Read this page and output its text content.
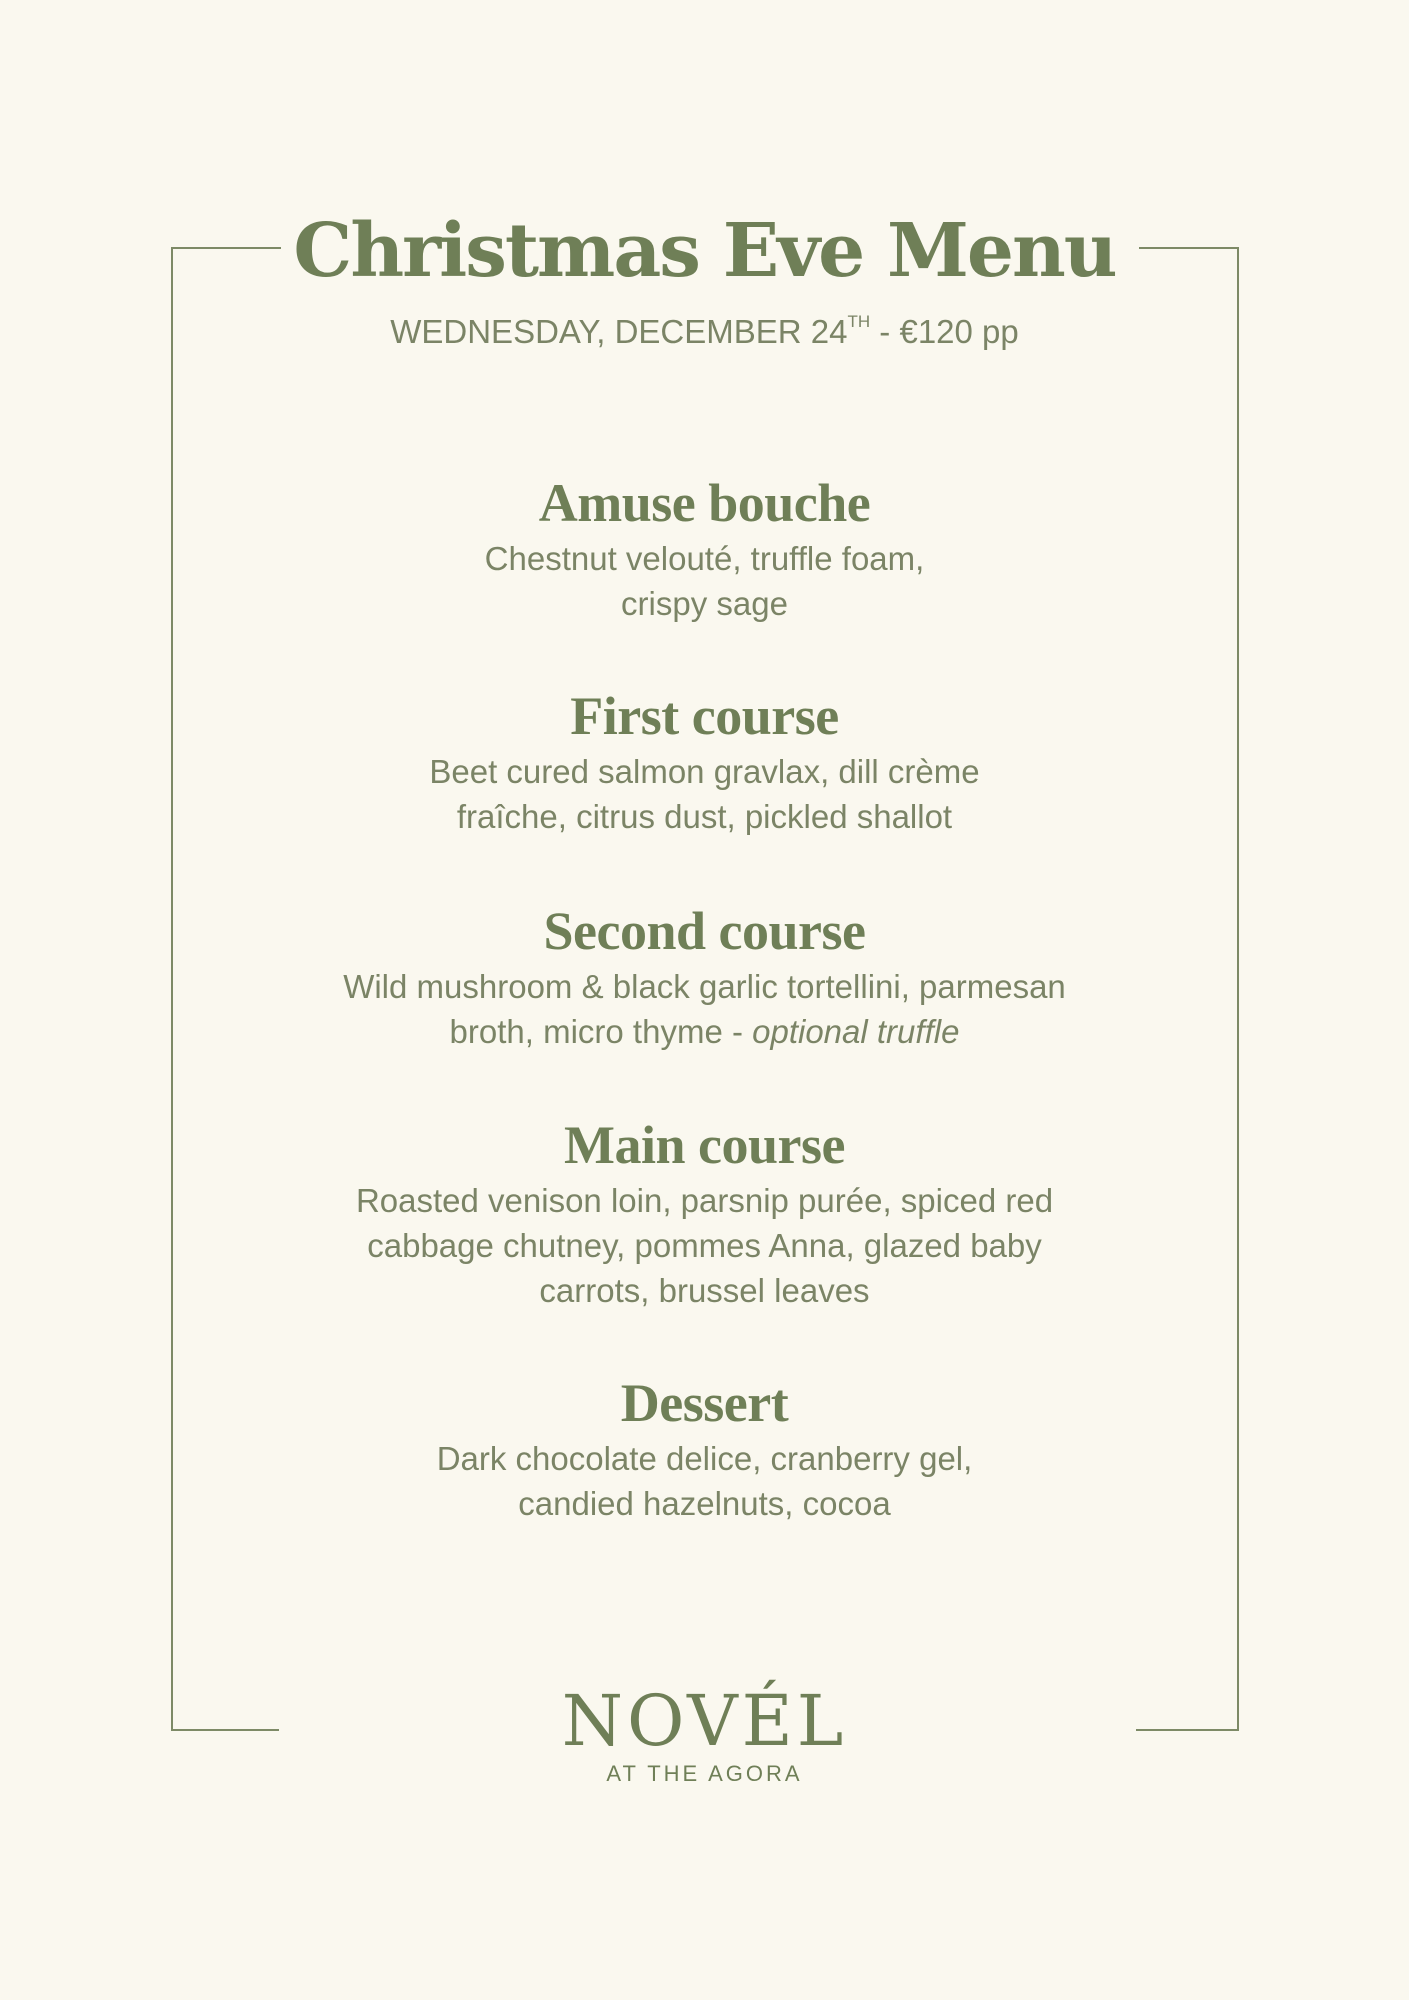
Christmas Eve Menu
WEDNESDAY, DECEMBER 24TH - €120 pp
Amuse bouche
Chestnut velouté, truffle foam,
crispy sage
First course
Beet cured salmon gravlax, dill crème
fraîche, citrus dust, pickled shallot
Second course
Wild mushroom & black garlic tortellini, parmesan
broth, micro thyme - optional truffle
Main course
Roasted venison loin, parsnip purée, spiced red
cabbage chutney, pommes Anna, glazed baby
carrots, brussel leaves
Dessert
Dark chocolate delice, cranberry gel,
candied hazelnuts, cocoa
NOVÉL
AT THE AGORA
